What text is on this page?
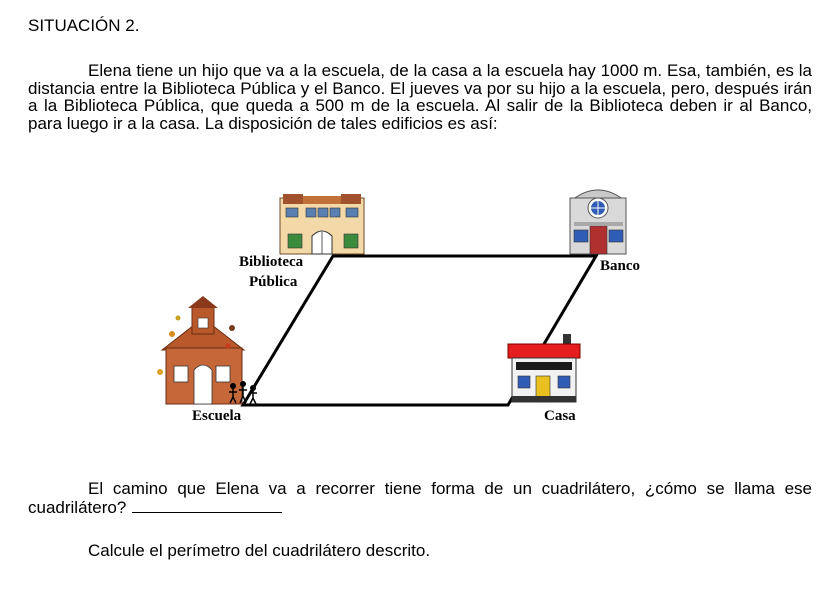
SITUACIÓN 2.

Elena tiene un hijo que va a la escuela, de la casa a la escuela hay 1000 m. Esa, también, es la distancia entre la Biblioteca Pública y el Banco. El jueves va por su hijo a la escuela, pero, después irán a la Biblioteca Pública, que queda a 500 m de la escuela. Al salir de la Biblioteca deben ir al Banco, para luego ir a la casa. La disposición de tales edificios es así:

Biblioteca
Pública
Banco
Escuela	Casa

El camino que Elena va a recorrer tiene forma de un cuadrilátero, ¿cómo se llama ese cuadrilátero?

Calcule el perímetro del cuadrilátero descrito.
